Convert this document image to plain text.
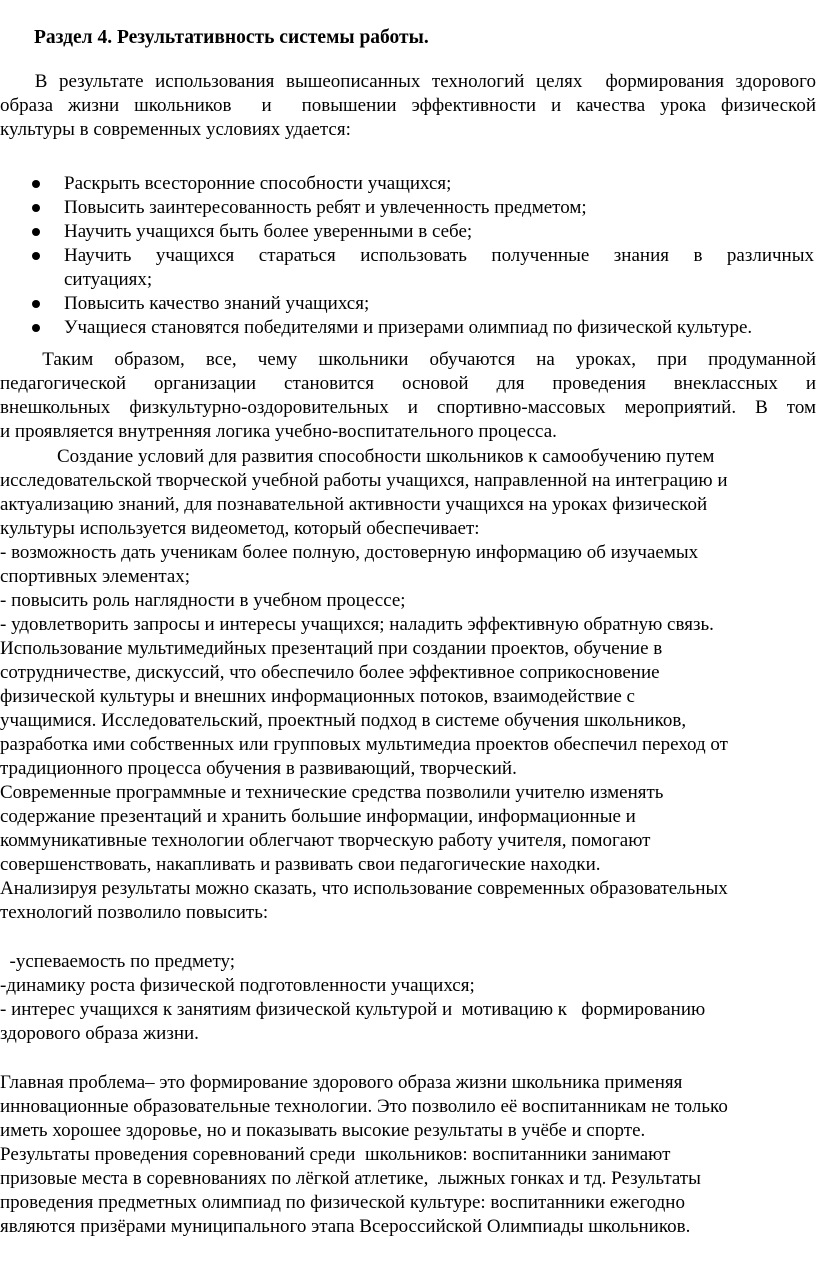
Раздел 4. Результативность системы работы.
В результате использования вышеописанных технологий целях  формирования здорового
образа жизни школьников  и  повышении эффективности и качества урока физической
культуры в современных условиях удается:
Раскрыть всесторонние способности учащихся;
Повысить заинтересованность ребят и увлеченность предметом;
Научить учащихся быть более уверенными в себе;
Научить учащихся стараться использовать полученные знания в различных
ситуациях;
Повысить качество знаний учащихся;
Учащиеся становятся победителями и призерами олимпиад по физической культуре.
Таким образом, все, чему школьники обучаются на уроках, при продуманной
педагогической организации становится основой для проведения внеклассных и
внешкольных физкультурно-оздоровительных и спортивно-массовых мероприятий. В том
и проявляется внутренняя логика учебно-воспитательного процесса.
Создание условий для развития способности школьников к самообучению путем
исследовательской творческой учебной работы учащихся, направленной на интеграцию и
актуализацию знаний, для познавательной активности учащихся на уроках физической
культуры используется видеометод, который обеспечивает:
- возможность дать ученикам более полную, достоверную информацию об изучаемых
спортивных элементах;
- повысить роль наглядности в учебном процессе;
- удовлетворить запросы и интересы учащихся; наладить эффективную обратную связь.
Использование мультимедийных презентаций при создании проектов, обучение в
сотрудничестве, дискуссий, что обеспечило более эффективное соприкосновение
физической культуры и внешних информационных потоков, взаимодействие с
учащимися. Исследовательский, проектный подход в системе обучения школьников,
разработка ими собственных или групповых мультимедиа проектов обеспечил переход от
традиционного процесса обучения в развивающий, творческий.
Современные программные и технические средства позволили учителю изменять
содержание презентаций и хранить большие информации, информационные и
коммуникативные технологии облегчают творческую работу учителя, помогают
совершенствовать, накапливать и развивать свои педагогические находки.
Анализируя результаты можно сказать, что использование современных образовательных
технологий позволило повысить:
-успеваемость по предмету;
-динамику роста физической подготовленности учащихся;
- интерес учащихся к занятиям физической культурой и  мотивацию к   формированию
здорового образа жизни.
Главная проблема– это формирование здорового образа жизни школьника применяя
инновационные образовательные технологии. Это позволило её воспитанникам не только
иметь хорошее здоровье, но и показывать высокие результаты в учёбе и спорте.
Результаты проведения соревнований среди  школьников: воспитанники занимают
призовые места в соревнованиях по лёгкой атлетике,  лыжных гонках и тд. Результаты
проведения предметных олимпиад по физической культуре: воспитанники ежегодно
являются призёрами муниципального этапа Всероссийской Олимпиады школьников.
